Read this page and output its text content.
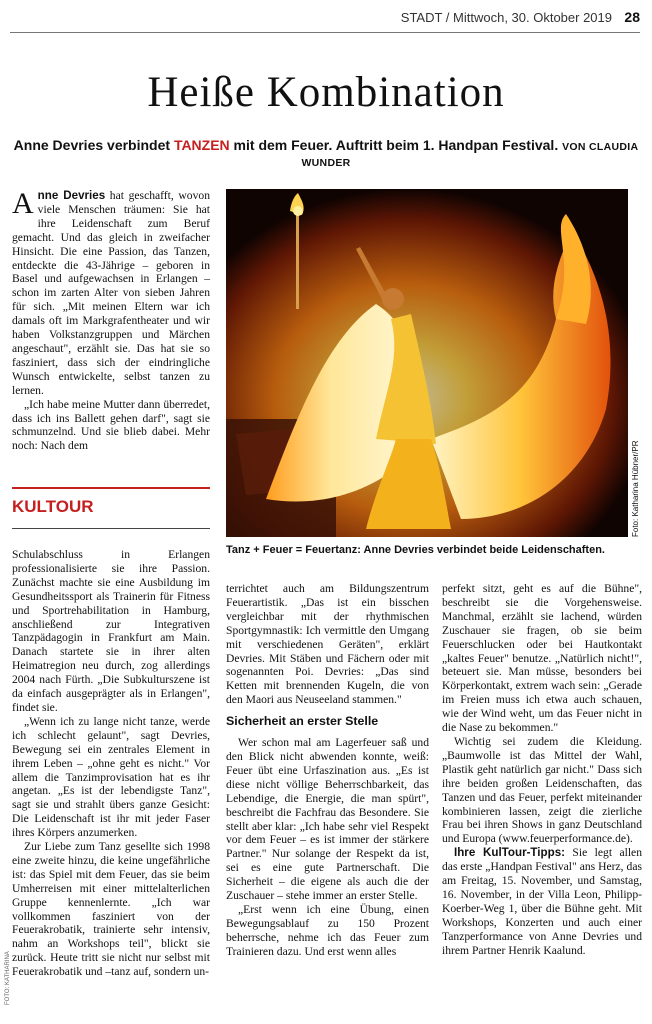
STADT / Mittwoch, 30. Oktober 2019 28
Heiße Kombination
Anne Devries verbindet TANZEN mit dem Feuer. Auftritt beim 1. Handpan Festival. VON CLAUDIA WUNDER

Anne Devries hat geschafft, wovon viele Menschen träumen: Sie hat ihre Leidenschaft zum Beruf gemacht. Und das gleich in zweifacher Hinsicht. Die eine Passion, das Tanzen, entdeckte die 43-Jährige – geboren in Basel und aufgewachsen in Erlangen – schon im zarten Alter von sieben Jahren für sich. „Mit meinen Eltern war ich damals oft im Markgrafentheater und wir haben Volkstanzgruppen und Märchen angeschaut", erzählt sie. Das hat sie so fasziniert, dass sich der eindringliche Wunsch entwickelte, selbst tanzen zu lernen.

„Ich habe meine Mutter dann überredet, dass ich ins Ballett gehen darf", sagt sie schmunzelnd. Und sie blieb dabei. Mehr noch: Nach dem

KULTOUR

Schulabschluss in Erlangen professionalisierte sie ihre Passion. Zunächst machte sie eine Ausbildung im Gesundheitssport als Trainerin für Fitness und Sportrehabilitation in Hamburg, anschließend zur Integrativen Tanzpädagogin in Frankfurt am Main. Danach startete sie in ihrer alten Heimatregion neu durch, zog allerdings 2004 nach Fürth. „Die Subkulturszene ist da einfach ausgeprägter als in Erlangen", findet sie.

„Wenn ich zu lange nicht tanze, werde ich schlecht gelaunt", sagt Devries, Bewegung sei ein zentrales Element in ihrem Leben – „ohne geht es nicht." Vor allem die Tanzimprovisation hat es ihr angetan. „Es ist der lebendigste Tanz", sagt sie und strahlt übers ganze Gesicht: Die Leidenschaft ist ihr mit jeder Faser ihres Körpers anzumerken.

Zur Liebe zum Tanz gesellte sich 1998 eine zweite hinzu, die keine ungefährliche ist: das Spiel mit dem Feuer, das sie beim Umherreisen mit einer mittelalterlichen Gruppe kennenlernte. „Ich war vollkommen fasziniert von der Feuerakrobatik, trainierte sehr intensiv, nahm an Workshops teil", blickt sie zurück. Heute tritt sie nicht nur selbst mit Feuerakrobatik und –tanz auf, sondern un-

Foto: Katharina Hübner/PR
Tanz + Feuer = Feuertanz: Anne Devries verbindet beide Leidenschaften.

terrichtet auch am Bildungszentrum Feuerartistik. „Das ist ein bisschen vergleichbar mit der rhythmischen Sportgymnastik: Ich vermittle den Umgang mit verschiedenen Geräten", erklärt Devries. Mit Stäben und Fächern oder mit sogenannten Poi. Devries: „Das sind Ketten mit brennenden Kugeln, die von den Maori aus Neuseeland stammen."

Sicherheit an erster Stelle

Wer schon mal am Lagerfeuer saß und den Blick nicht abwenden konnte, weiß: Feuer übt eine Urfaszination aus. „Es ist diese nicht völlige Beherrschbarkeit, das Lebendige, die Energie, die man spürt", beschreibt die Fachfrau das Besondere. Sie stellt aber klar: „Ich habe sehr viel Respekt vor dem Feuer – es ist immer der stärkere Partner." Nur solange der Respekt da ist, sei es eine gute Partnerschaft. Die Sicherheit – die eigene als auch die der Zuschauer – stehe immer an erster Stelle.

„Erst wenn ich eine Übung, einen Bewegungsablauf zu 150 Prozent beherrsche, nehme ich das Feuer zum Trainieren dazu. Und erst wenn alles

perfekt sitzt, geht es auf die Bühne", beschreibt sie die Vorgehensweise. Manchmal, erzählt sie lachend, würden Zuschauer sie fragen, ob sie beim Feuerschlucken oder bei Hautkontakt „kaltes Feuer" benutze. „Natürlich nicht!", beteuert sie. Man müsse, besonders bei Körperkontakt, extrem wach sein: „Gerade im Freien muss ich etwa auch schauen, wie der Wind weht, um das Feuer nicht in die Nase zu bekommen."

Wichtig sei zudem die Kleidung. „Baumwolle ist das Mittel der Wahl, Plastik geht natürlich gar nicht." Dass sich ihre beiden großen Leidenschaften, das Tanzen und das Feuer, perfekt miteinander kombinieren lassen, zeigt die zierliche Frau bei ihren Shows in ganz Deutschland und Europa (www.feuerperformance.de).

Ihre KulTour-Tipps: Sie legt allen das erste „Handpan Festival" ans Herz, das am Freitag, 15. November, und Samstag, 16. November, in der Villa Leon, Philipp-Koerber-Weg 1, über die Bühne geht. Mit Workshops, Konzerten und auch einer Tanzperformance von Anne Devries und ihrem Partner Henrik Kaalund.

FOTO: KATHARINA
